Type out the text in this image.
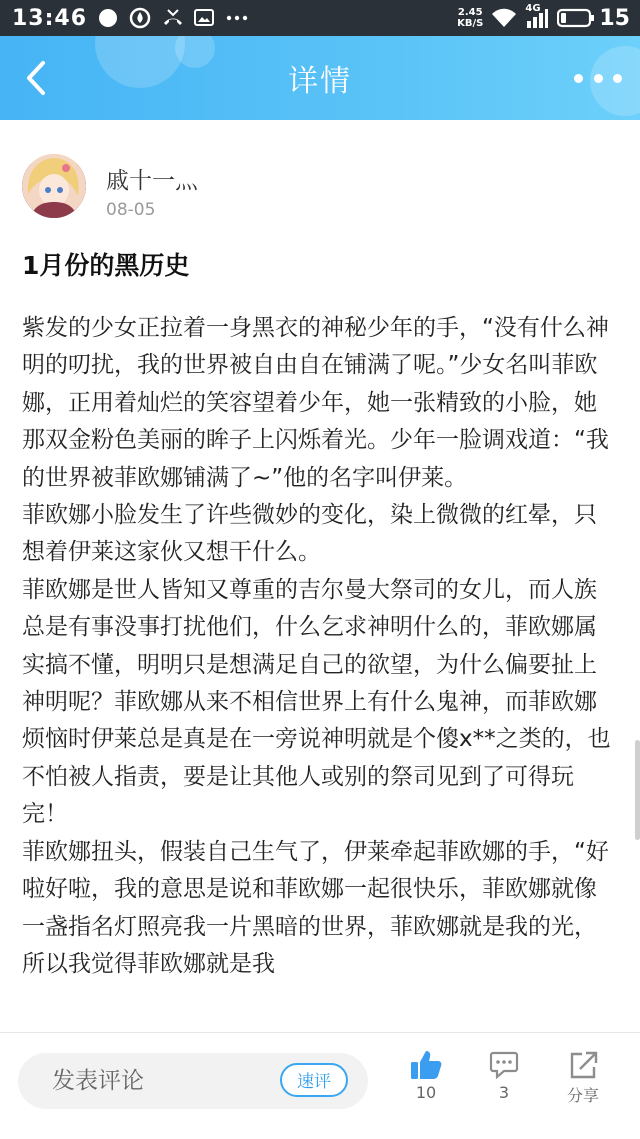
13:46	2.45
KB/S
4G	15
详情
戚十一灬
08-05
1月份的黑历史

紫发的少女正拉着一身黑衣的神秘少年的手，“没有什么神明的叨扰，我的世界被自由自在铺满了呢。”少女名叫菲欧娜，正用着灿烂的笑容望着少年，她一张精致的小脸，她那双金粉色美丽的眸子上闪烁着光。少年一脸调戏道：“我的世界被菲欧娜铺满了~”他的名字叫伊莱。

菲欧娜小脸发生了许些微妙的变化，染上微微的红晕，只想着伊莱这家伙又想干什么。

菲欧娜是世人皆知又尊重的吉尔曼大祭司的女儿，而人族总是有事没事打扰他们，什么乞求神明什么的，菲欧娜属实搞不懂，明明只是想满足自己的欲望，为什么偏要扯上神明呢？菲欧娜从来不相信世界上有什么鬼神，而菲欧娜烦恼时伊莱总是真是在一旁说神明就是个傻x**之类的，也不怕被人指责，要是让其他人或别的祭司见到了可得玩完！

菲欧娜扭头，假装自己生气了，伊莱牵起菲欧娜的手，“好啦好啦，我的意思是说和菲欧娜一起很快乐，菲欧娜就像一盏指名灯照亮我一片黑暗的世界，菲欧娜就是我的光，所以我觉得菲欧娜就是我

发表评论	速评
10	3	分享
